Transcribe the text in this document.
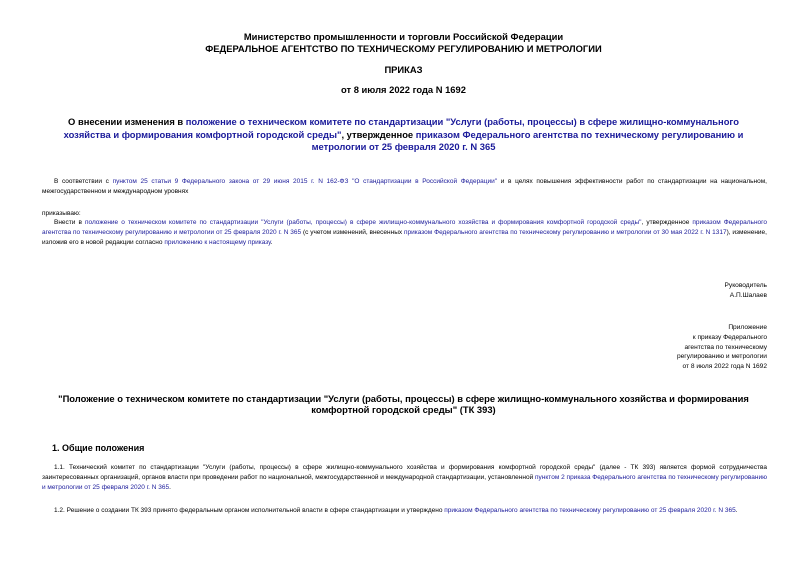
Министерство промышленности и торговли Российской Федерации
ФЕДЕРАЛЬНОЕ АГЕНТСТВО ПО ТЕХНИЧЕСКОМУ РЕГУЛИРОВАНИЮ И МЕТРОЛОГИИ
ПРИКАЗ
от 8 июля 2022 года N 1692
О внесении изменения в положение о техническом комитете по стандартизации "Услуги (работы, процессы) в сфере жилищно-коммунального хозяйства и формирования комфортной городской среды", утвержденное приказом Федерального агентства по техническому регулированию и метрологии от 25 февраля 2020 г. N 365
В соответствии с пунктом 25 статьи 9 Федерального закона от 29 июня 2015 г. N 162-ФЗ "О стандартизации в Российской Федерации" и в целях повышения эффективности работ по стандартизации на национальном, межгосударственном и международном уровнях
приказываю:
Внести в положение о техническом комитете по стандартизации "Услуги (работы, процессы) в сфере жилищно-коммунального хозяйства и формирования комфортной городской среды", утвержденное приказом Федерального агентства по техническому регулированию и метрологии от 25 февраля 2020 г. N 365 (с учетом изменений, внесенных приказом Федерального агентства по техническому регулированию и метрологии от 30 мая 2022 г. N 1317), изменение, изложив его в новой редакции согласно приложению к настоящему приказу.
Руководитель
А.П.Шалаев
Приложение
к приказу Федерального
агентства по техническому
регулированию и метрологии
от 8 июля 2022 года N 1692
"Положение о техническом комитете по стандартизации "Услуги (работы, процессы) в сфере жилищно-коммунального хозяйства и формирования комфортной городской среды" (ТК 393)
1. Общие положения
1.1. Технический комитет по стандартизации "Услуги (работы, процессы) в сфере жилищно-коммунального хозяйства и формирования комфортной городской среды" (далее - ТК 393) является формой сотрудничества заинтересованных организаций, органов власти при проведении работ по национальной, межгосударственной и международной стандартизации, установленной пунктом 2 приказа Федерального агентства по техническому регулированию и метрологии от 25 февраля 2020 г. N 365.
1.2. Решение о создании ТК 393 принято федеральным органом исполнительной власти в сфере стандартизации и утверждено приказом Федерального агентства по техническому регулированию от 25 февраля 2020 г. N 365.
